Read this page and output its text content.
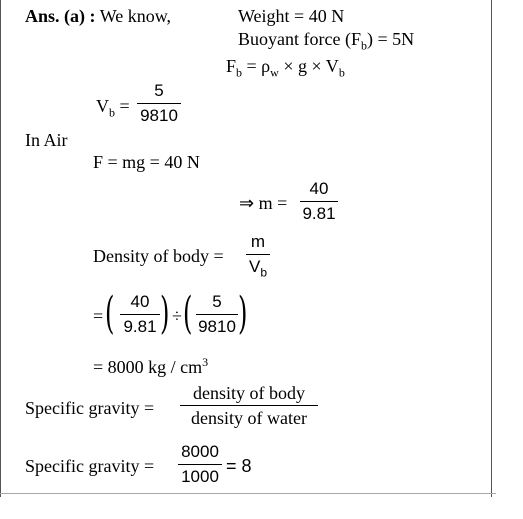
Ans. (a) : We know,	Weight = 40 N
Buoyant force $(F_b) = 5N$
$F_b = \rho_w \times g \times V_b$
$V_b$ =
5
9810
In Air
F = mg = 40 N
⇒ m =
40
9.81
Density of body =
m
$V_b$
= ( 40
9.81 ) ÷ (	5
9810 )
= 8000 kg / $cm^3$
Specific gravity =
density of body
density of water
Specific gravity =
8000
1000
= 8
